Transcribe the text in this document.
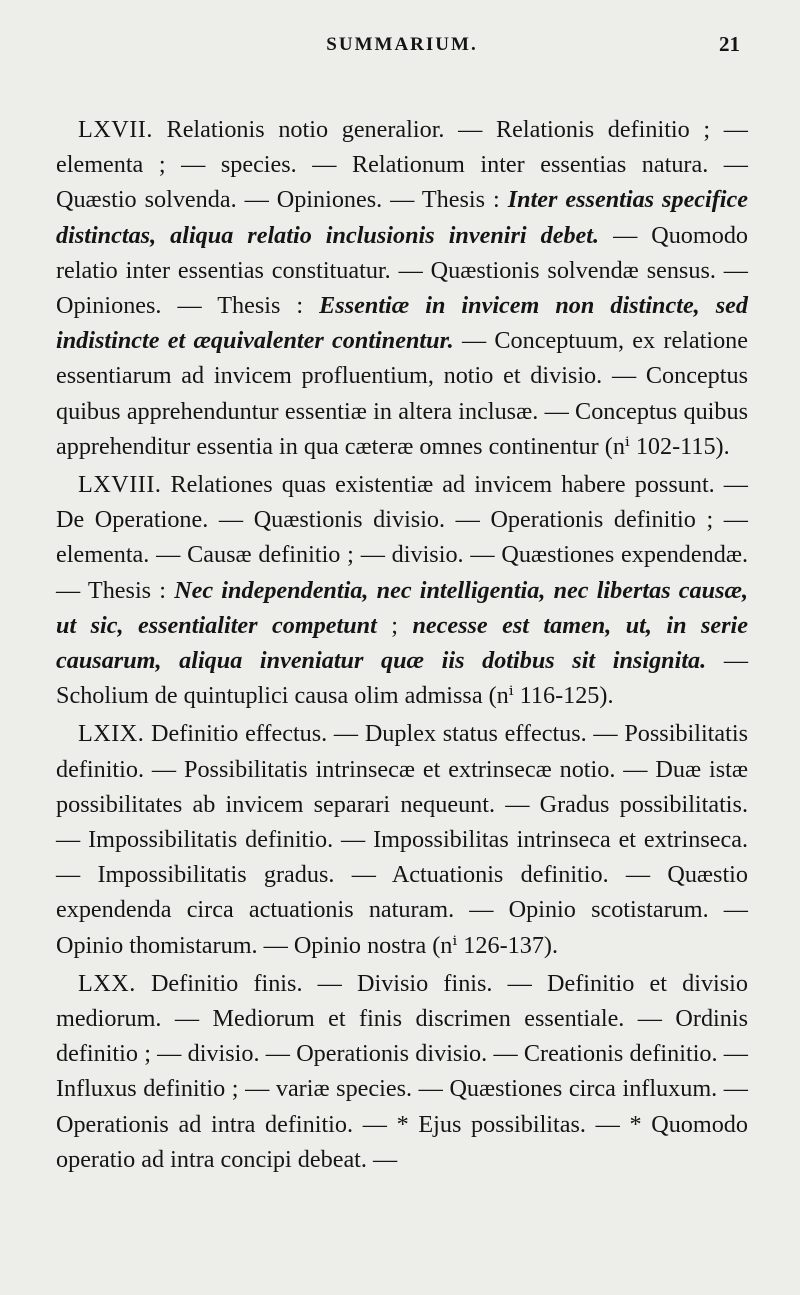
SUMMARIUM.	21

LXVII. Relationis notio generalior. — Relationis definitio ; — elementa ; — species. — Relationum inter essentias natura. — Quæstio solvenda. — Opiniones. — Thesis : Inter essentias specifice distinctas, aliqua relatio inclusionis inveniri debet. — Quomodo relatio inter essentias constituatur. — Quæstionis solvendæ sensus. — Opiniones. — Thesis : Essentiæ in invicem non distincte, sed indistincte et æquivalenter continentur. — Conceptuum, ex relatione essentiarum ad invicem profluentium, notio et divisio. — Conceptus quibus apprehenduntur essentiæ in altera inclusæ. — Conceptus quibus apprehenditur essentia in qua cæteræ omnes continentur (nⁱ 102-115).

LXVIII. Relationes quas existentiæ ad invicem habere possunt. — De Operatione. — Quæstionis divisio. — Operationis definitio ; — elementa. — Causæ definitio ; — divisio. — Quæstiones expendendæ. — Thesis : Nec independentia, nec intelligentia, nec libertas causæ, ut sic, essentialiter competunt ; necesse est tamen, ut, in serie causarum, aliqua inveniatur quæ iis dotibus sit insignita. — Scholium de quintuplici causa olim admissa (nⁱ 116-125).

LXIX. Definitio effectus. — Duplex status effectus. — Possibilitatis definitio. — Possibilitatis intrinsecæ et extrinsecæ notio. — Duæ istæ possibilitates ab invicem separari nequeunt. — Gradus possibilitatis. — Impossibilitatis definitio. — Impossibilitas intrinseca et extrinseca. — Impossibilitatis gradus. — Actuationis definitio. — Quæstio expendenda circa actuationis naturam. — Opinio scotistarum. — Opinio thomistarum. — Opinio nostra (nⁱ 126-137).

LXX. Definitio finis. — Divisio finis. — Definitio et divisio mediorum. — Mediorum et finis discrimen essentiale. — Ordinis definitio ; — divisio. — Operationis divisio. — Creationis definitio. — Influxus definitio ; — variæ species. — Quæstiones circa influxum. — Operationis ad intra definitio. — * Ejus possibilitas. — * Quomodo operatio ad intra concipi debeat. —
